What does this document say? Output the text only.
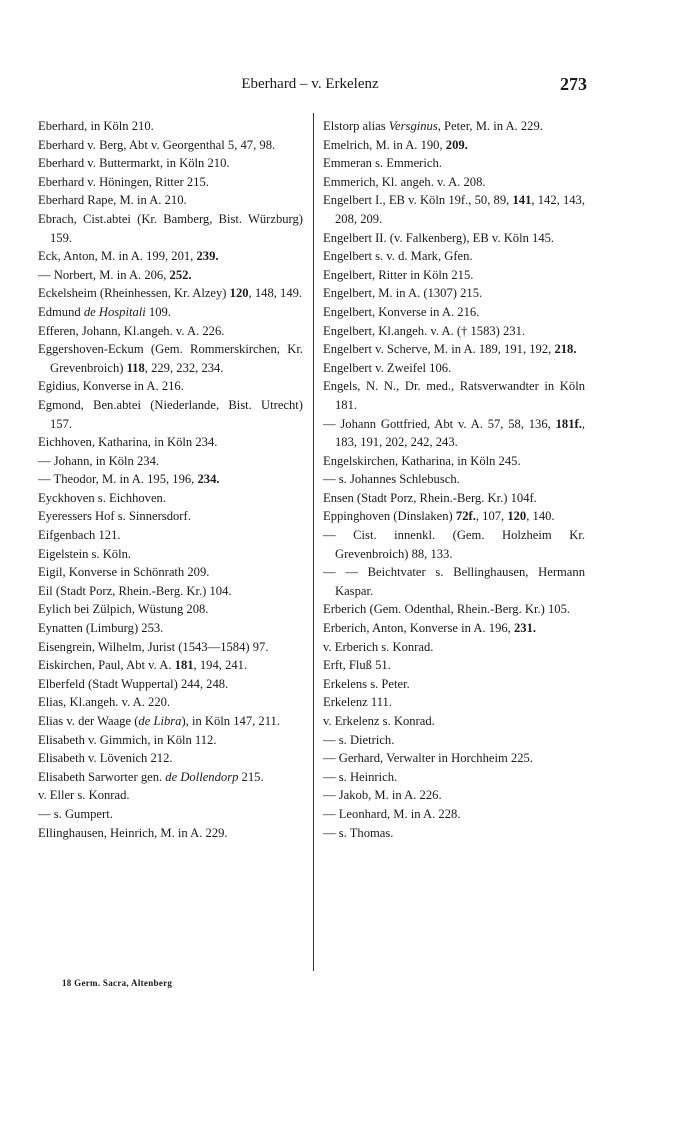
Eberhard – v. Erkelenz	273

Eberhard, in Köln 210.

Eberhard v. Berg, Abt v. Georgenthal 5, 47, 98.

Eberhard v. Buttermarkt, in Köln 210.

Eberhard v. Höningen, Ritter 215.

Eberhard Rape, M. in A. 210.

Ebrach, Cist.abtei (Kr. Bamberg, Bist. Würzburg) 159.

Eck, Anton, M. in A. 199, 201, 239.

— Norbert, M. in A. 206, 252.

Eckelsheim (Rheinhessen, Kr. Alzey) 120, 148, 149.

Edmund de Hospitali 109.

Efferen, Johann, Kl.angeh. v. A. 226.

Eggershoven-Eckum (Gem. Rommerskirchen, Kr. Grevenbroich) 118, 229, 232, 234.

Egidius, Konverse in A. 216.

Egmond, Ben.abtei (Niederlande, Bist. Utrecht) 157.

Eichhoven, Katharina, in Köln 234.

— Johann, in Köln 234.

— Theodor, M. in A. 195, 196, 234.

Eyckhoven s. Eichhoven.

Eyeressers Hof s. Sinnersdorf.

Eifgenbach 121.

Eigelstein s. Köln.

Eigil, Konverse in Schönrath 209.

Eil (Stadt Porz, Rhein.-Berg. Kr.) 104.

Eylich bei Zülpich, Wüstung 208.

Eynatten (Limburg) 253.

Eisengrein, Wilhelm, Jurist (1543—1584) 97.

Eiskirchen, Paul, Abt v. A. 181, 194, 241.

Elberfeld (Stadt Wuppertal) 244, 248.

Elias, Kl.angeh. v. A. 220.

Elias v. der Waage (de Libra), in Köln 147, 211.

Elisabeth v. Gimmich, in Köln 112.

Elisabeth v. Lövenich 212.

Elisabeth Sarworter gen. de Dollendorp 215.

v. Eller s. Konrad.

— s. Gumpert.

Ellinghausen, Heinrich, M. in A. 229.

Elstorp alias Versginus, Peter, M. in A. 229.

Emelrich, M. in A. 190, 209.

Emmeran s. Emmerich.

Emmerich, Kl. angeh. v. A. 208.

Engelbert I., EB v. Köln 19f., 50, 89, 141, 142, 143, 208, 209.

Engelbert II. (v. Falkenberg), EB v. Köln 145.

Engelbert s. v. d. Mark, Gfen.

Engelbert, Ritter in Köln 215.

Engelbert, M. in A. (1307) 215.

Engelbert, Konverse in A. 216.

Engelbert, Kl.angeh. v. A. († 1583) 231.

Engelbert v. Scherve, M. in A. 189, 191, 192, 218.

Engelbert v. Zweifel 106.

Engels, N. N., Dr. med., Ratsverwandter in Köln 181.

— Johann Gottfried, Abt v. A. 57, 58, 136, 181f., 183, 191, 202, 242, 243.

Engelskirchen, Katharina, in Köln 245.

— s. Johannes Schlebusch.

Ensen (Stadt Porz, Rhein.-Berg. Kr.) 104f.

Eppinghoven (Dinslaken) 72f., 107, 120, 140.

— Cist. innenkl. (Gem. Holzheim Kr. Grevenbroich) 88, 133.

— — Beichtvater s. Bellinghausen, Hermann Kaspar.

Erberich (Gem. Odenthal, Rhein.-Berg. Kr.) 105.

Erberich, Anton, Konverse in A. 196, 231.

v. Erberich s. Konrad.

Erft, Fluß 51.

Erkelens s. Peter.

Erkelenz 111.

v. Erkelenz s. Konrad.

— s. Dietrich.

— Gerhard, Verwalter in Horchheim 225.

— s. Heinrich.

— Jakob, M. in A. 226.

— Leonhard, M. in A. 228.

— s. Thomas.

18 Germ. Sacra, Altenberg
